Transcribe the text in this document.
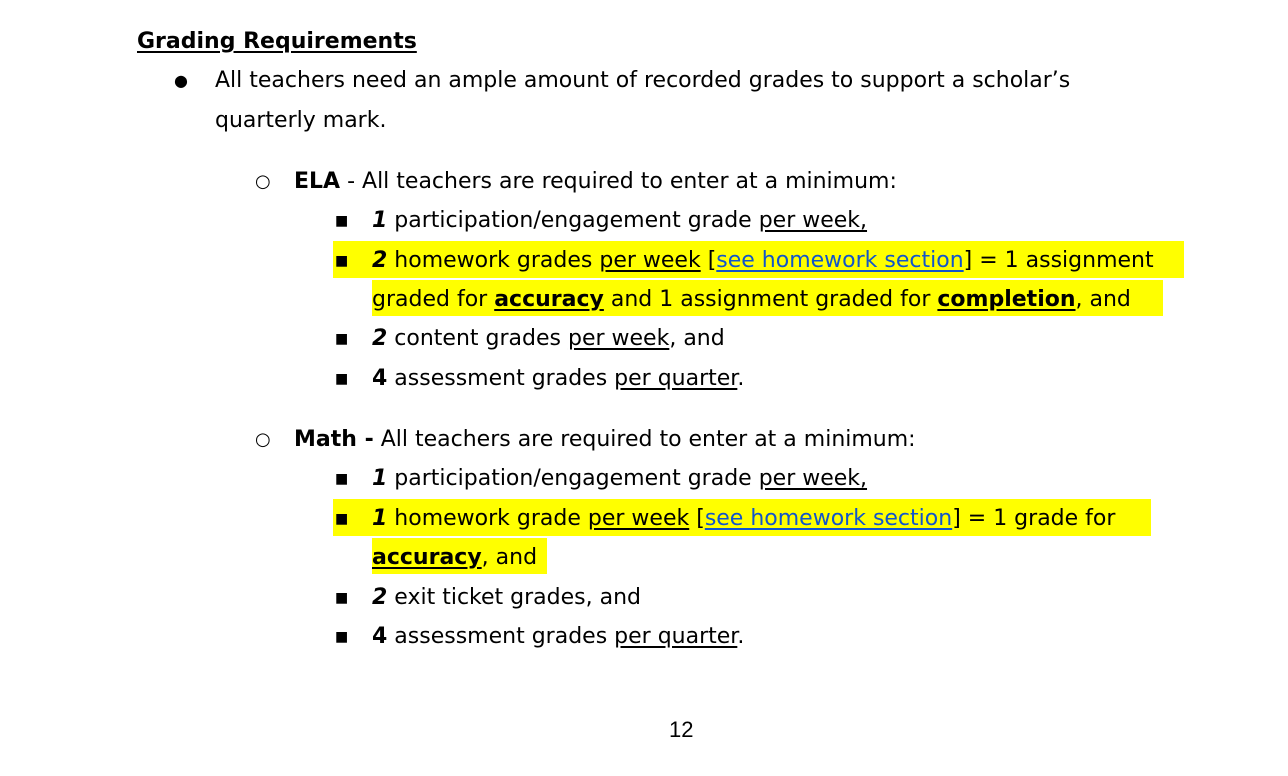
Grading Requirements
● All teachers need an ample amount of recorded grades to support a scholar’s
quarterly mark.
○ ELA - All teachers are required to enter at a minimum:
■ 1 participation/engagement grade per week,
■ 2 homework grades per week [see homework section] = 1 assignment
graded for accuracy and 1 assignment graded for completion, and
■ 2 content grades per week, and
■ 4 assessment grades per quarter.
○ Math - All teachers are required to enter at a minimum:
■ 1 participation/engagement grade per week,
■ 1 homework grade per week [see homework section] = 1 grade for
accuracy, and
■ 2 exit ticket grades, and
■ 4 assessment grades per quarter.
12
